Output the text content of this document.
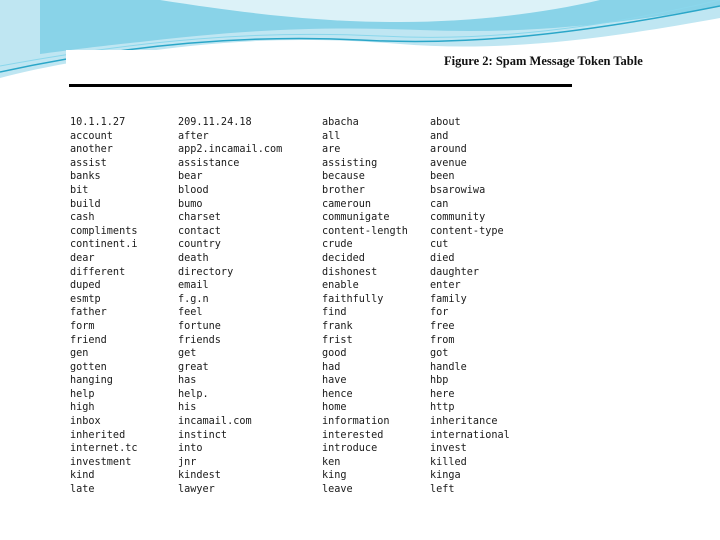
Figure 2: Spam Message Token Table
10.1.1.27	209.11.24.18	abacha	about
account	after	all	and
another	app2.incamail.com	are	around
assist	assistance	assisting	avenue
banks	bear	because	been
bit	blood	brother	bsarowiwa
build	bumo	cameroun	can
cash	charset	communigate	community
compliments	contact	content-length	content-type
continent.i	country	crude	cut
dear	death	decided	died
different	directory	dishonest	daughter
duped	email	enable	enter
esmtp	f.g.n	faithfully	family
father	feel	find	for
form	fortune	frank	free
friend	friends	frist	from
gen	get	good	got
gotten	great	had	handle
hanging	has	have	hbp
help	help.	hence	here
high	his	home	http
inbox	incamail.com	information	inheritance
inherited	instinct	interested	international
internet.tc	into	introduce	invest
investment	jnr	ken	killed
kind	kindest	king	kinga
late	lawyer	leave	left
